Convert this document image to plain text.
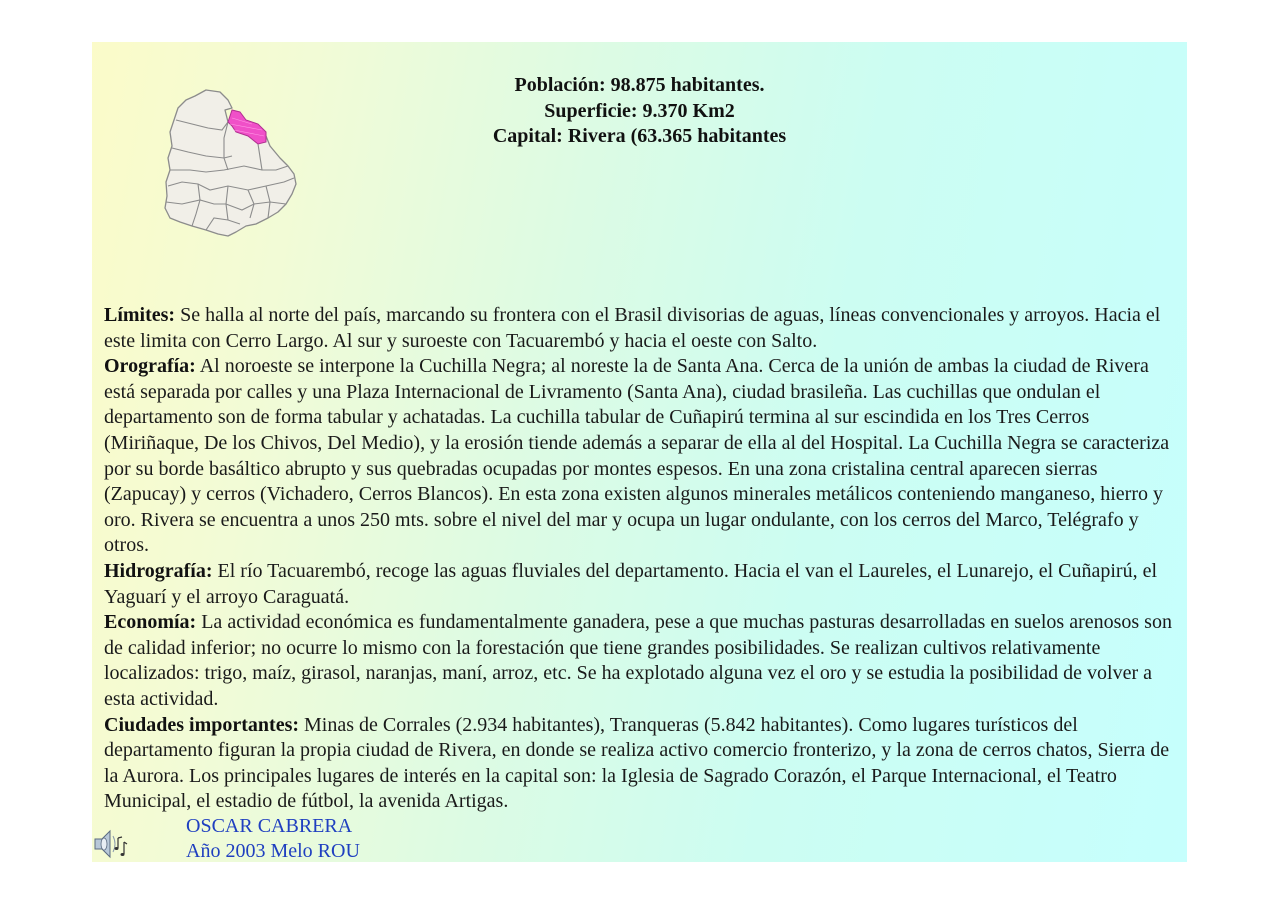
Población: 98.875 habitantes.
Superficie: 9.370 Km2
Capital: Rivera (63.365 habitantes

Límites: Se halla al norte del país, marcando su frontera con el Brasil divisorias de aguas, líneas convencionales y arroyos. Hacia el este limita con Cerro Largo. Al sur y suroeste con Tacuarembó y hacia el oeste con Salto.

Orografía: Al noroeste se interpone la Cuchilla Negra; al noreste la de Santa Ana. Cerca de la unión de ambas la ciudad de Rivera está separada por calles y una Plaza Internacional de Livramento (Santa Ana), ciudad brasileña. Las cuchillas que ondulan el departamento son de forma tabular y achatadas. La cuchilla tabular de Cuñapirú termina al sur escindida en los Tres Cerros (Miriñaque, De los Chivos, Del Medio), y la erosión tiende además a separar de ella al del Hospital. La Cuchilla Negra se caracteriza por su borde basáltico abrupto y sus quebradas ocupadas por montes espesos. En una zona cristalina central aparecen sierras (Zapucay) y cerros (Vichadero, Cerros Blancos). En esta zona existen algunos minerales metálicos conteniendo manganeso, hierro y oro. Rivera se encuentra a unos 250 mts. sobre el nivel del mar y ocupa un lugar ondulante, con los cerros del Marco, Telégrafo y otros.

Hidrografía: El río Tacuarembó, recoge las aguas fluviales del departamento. Hacia el van el Laureles, el Lunarejo, el Cuñapirú, el Yaguarí y el arroyo Caraguatá.

Economía: La actividad económica es fundamentalmente ganadera, pese a que muchas pasturas desarrolladas en suelos arenosos son de calidad inferior; no ocurre lo mismo con la forestación que tiene grandes posibilidades. Se realizan cultivos relativamente localizados: trigo, maíz, girasol, naranjas, maní, arroz, etc. Se ha explotado alguna vez el oro y se estudia la posibilidad de volver a esta actividad.

Ciudades importantes: Minas de Corrales (2.934 habitantes), Tranqueras (5.842 habitantes). Como lugares turísticos del departamento figuran la propia ciudad de Rivera, en donde se realiza activo comercio fronterizo, y la zona de cerros chatos, Sierra de la Aurora. Los principales lugares de interés en la capital son: la Iglesia de Sagrado Corazón, el Parque Internacional, el Teatro Municipal, el estadio de fútbol, la avenida Artigas.

OSCAR CABRERA
Año 2003 Melo ROU
